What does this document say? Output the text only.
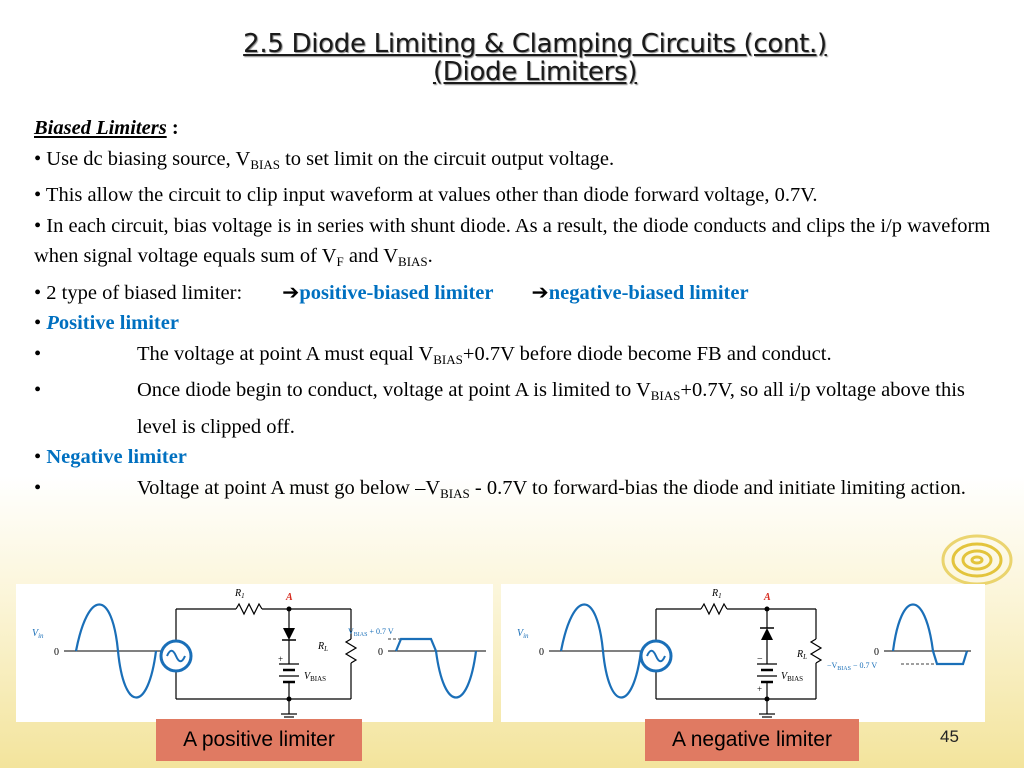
2.5 Diode Limiting & Clamping Circuits (cont.)
(Diode Limiters)

Biased Limiters :

• Use dc biasing source, $V_{BIAS}$ to set limit on the circuit output voltage.

• This allow the circuit to clip input waveform at values other than diode forward voltage, 0.7V.

• In each circuit, bias voltage is in series with shunt diode. As a result, the diode conducts and clips the i/p waveform when signal voltage equals sum of $V_F$ and $V_{BIAS}$.

• 2 type of biased limiter: ➔positive-biased limiter ➔negative-biased limiter

• Positive limiter

•	The voltage at point A must equal $V_{BIAS}+0.7V$ before diode become FB and conduct.
•	Once diode begin to conduct, voltage at point A is limited to $V_{BIAS}+0.7V$, so all i/p voltage above this level is clipped off.

• Negative limiter

•	Voltage at point A must go below $-V_{BIAS} - 0.7V$ to forward-bias the diode and initiate limiting action.
$V_{in}$
0
$R_1$	A
$R_L$
+
$V_{BIAS}$
$V_{BIAS} + 0.7$ V
0
$V_{in}$
0
$R_1$	A
$R_L$
−
+
$V_{BIAS}$
0
$-V_{BIAS} - 0.7$ V
A positive limiter	A negative limiter	45
